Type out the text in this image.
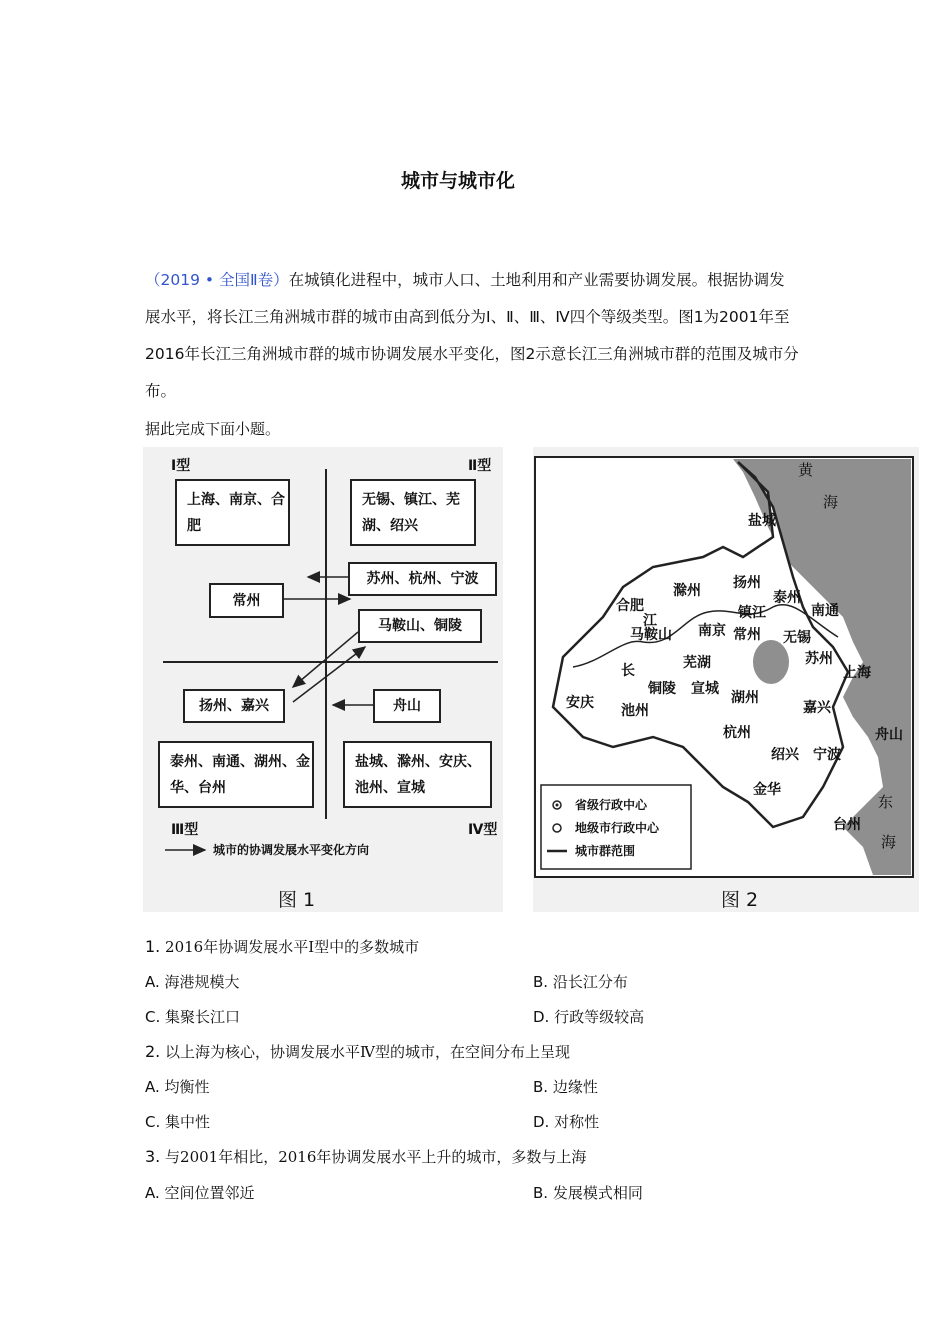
城市与城市化
（2019 • 全国Ⅱ卷）在城镇化进程中，城市人口、土地利用和产业需要协调发展。根据协调发展水平，将长江三角洲城市群的城市由高到低分为Ⅰ、Ⅱ、Ⅲ、Ⅳ四个等级类型。图1为2001年至2016年长江三角洲城市群的城市协调发展水平变化，图2示意长江三角洲城市群的范围及城市分布。
据此完成下面小题。
Ⅰ型	Ⅱ型
Ⅲ型	Ⅳ型
上海、南京、合肥
无锡、镇江、芜湖、绍兴
苏州、杭州、宁波
常州
马鞍山、铜陵
扬州、嘉兴	舟山
泰州、南通、湖州、金华、台州
盐城、滁州、安庆、池州、宣城
城市的协调发展水平变化方向
图 1
省级行政中心
地级市行政中心
城市群范围
黄
海
东
海
长
江
盐城
扬州
泰州
滁州
南通
合肥	镇江
南京 常州 无锡
马鞍山
苏州
上海
芜湖
安庆
铜陵 宣城
湖州
嘉兴
池州
杭州	舟山
绍兴 宁波
金华
台州
图 2
1. 2016年协调发展水平Ⅰ型中的多数城市
A. 海港规模大	B. 沿长江分布
C. 集聚长江口	D. 行政等级较高
2. 以上海为核心，协调发展水平Ⅳ型的城市，在空间分布上呈现
A. 均衡性	B. 边缘性
C. 集中性	D. 对称性
3. 与2001年相比，2016年协调发展水平上升的城市，多数与上海
A. 空间位置邻近	B. 发展模式相同
